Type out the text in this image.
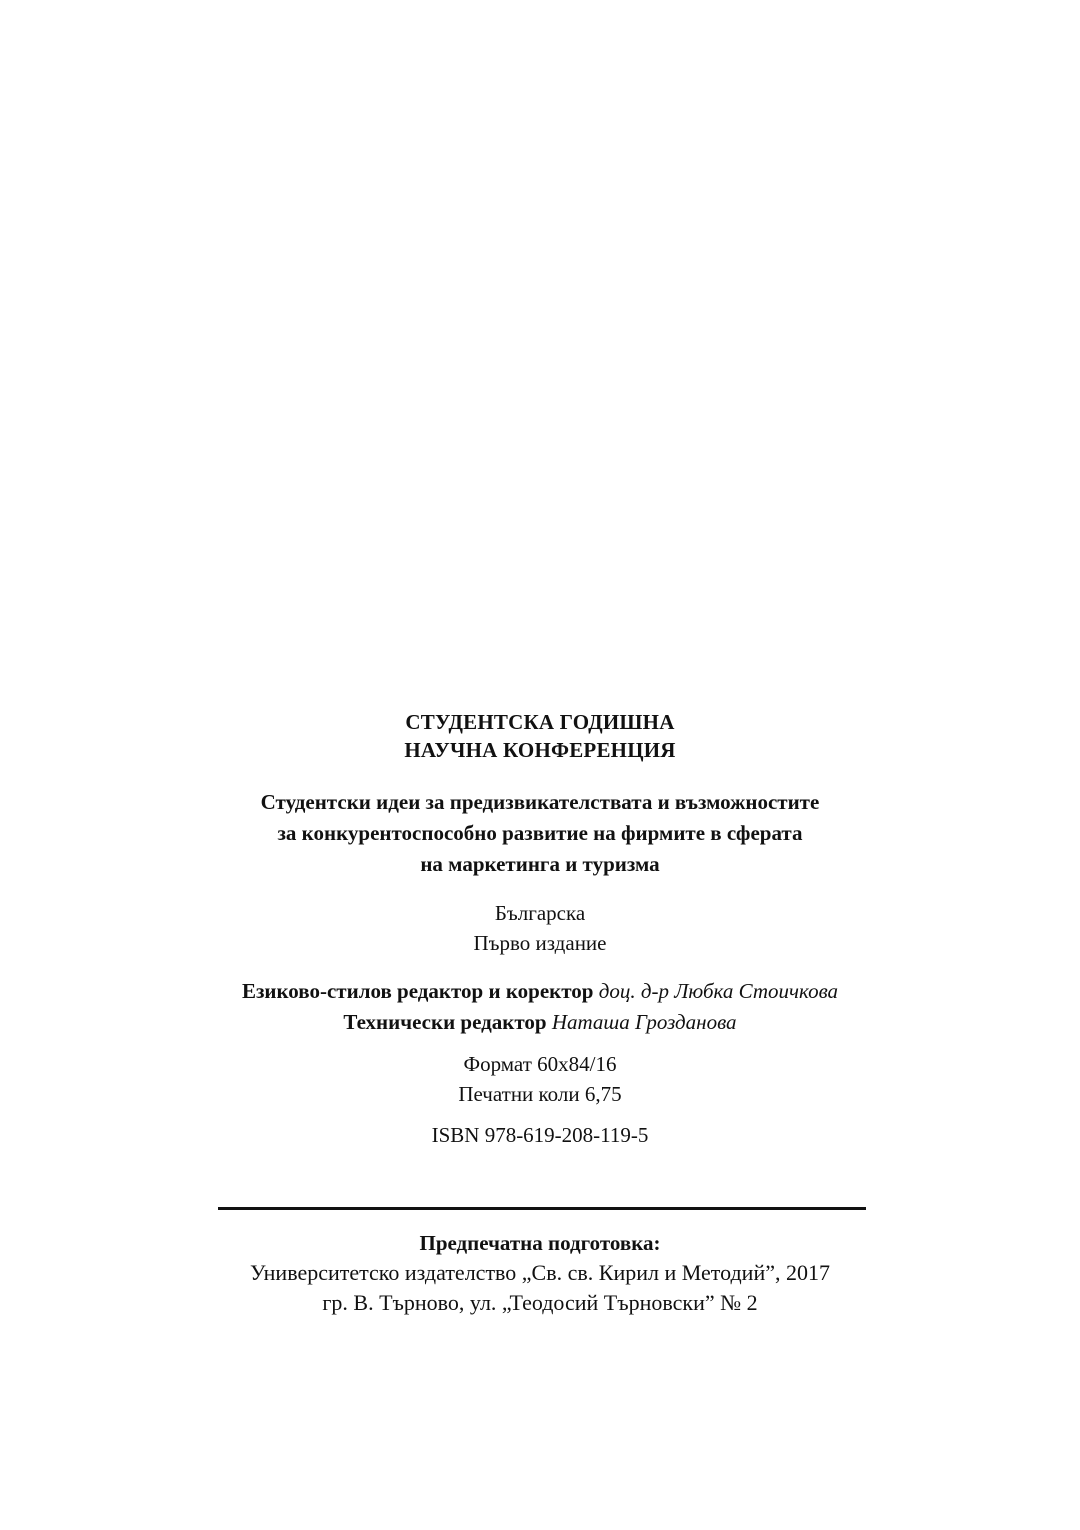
СТУДЕНТСКА ГОДИШНА
НАУЧНА КОНФЕРЕНЦИЯ
Студентски идеи за предизвикателствата и възможностите
за конкурентоспособно развитие на фирмите в сферата
на маркетинга и туризма
Българска
Първо издание
Езиково-стилов редактор и коректор доц. д-р Любка Стоичкова
Технически редактор Наташа Грозданова
Формат 60х84/16
Печатни коли 6,75
ISBN 978-619-208-119-5
Предпечатна подготовка:
Университетско издателство „Св. св. Кирил и Методий”, 2017
гр. В. Търново, ул. „Теодосий Търновски” № 2
